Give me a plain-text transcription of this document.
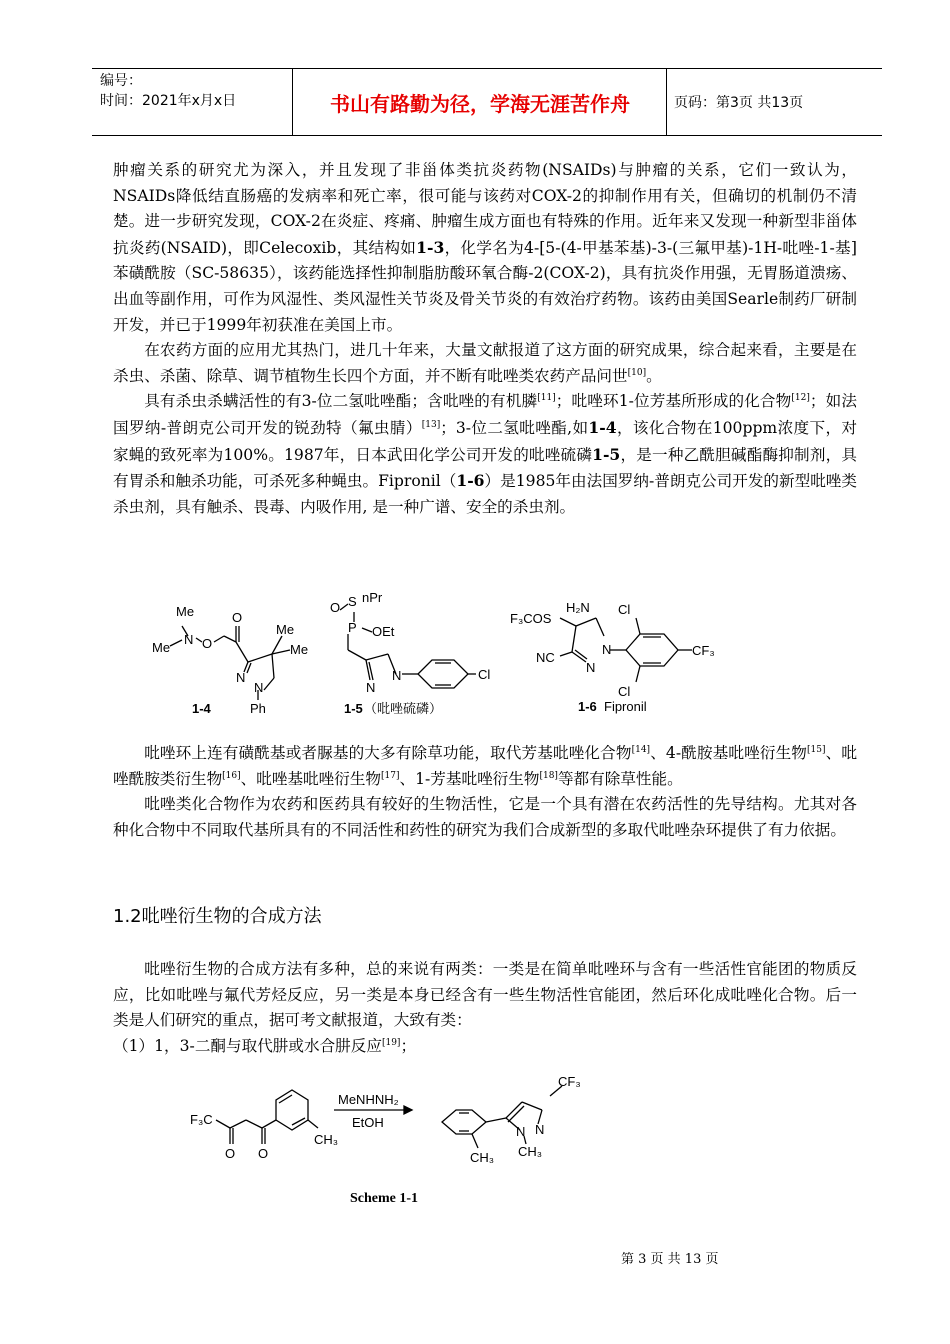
编号：
时间：2021年x月x日	书山有路勤为径，学海无涯苦作舟	页码：第3页 共13页

肿瘤关系的研究尤为深入，并且发现了非甾体类抗炎药物(NSAIDs)与肿瘤的关系，它们一致认为，NSAIDs降低结直肠癌的发病率和死亡率，很可能与该药对COX-2的抑制作用有关，但确切的机制仍不清楚。进一步研究发现，COX-2在炎症、疼痛、肿瘤生成方面也有特殊的作用。近年来又发现一种新型非甾体抗炎药(NSAID)，即Celecoxib，其结构如1-3，化学名为4-[5-(4-甲基苯基)-3-(三氟甲基)-1H-吡唑-1-基]苯磺酰胺（SC-58635），该药能选择性抑制脂肪酸环氧合酶-2(COX-2)，具有抗炎作用强，无胃肠道溃疡、出血等副作用，可作为风湿性、类风湿性关节炎及骨关节炎的有效治疗药物。该药由美国Searle制药厂研制开发，并已于1999年初获准在美国上市。

在农药方面的应用尤其热门，进几十年来，大量文献报道了这方面的研究成果，综合起来看，主要是在杀虫、杀菌、除草、调节植物生长四个方面，并不断有吡唑类农药产品问世[10]。

具有杀虫杀螨活性的有3-位二氢吡唑酯；含吡唑的有机膦[11]；吡唑环1-位芳基所形成的化合物[12]；如法国罗纳-普朗克公司开发的锐劲特（氟虫腈）[13]；3-位二氢吡唑酯,如1-4，该化合物在100ppm浓度下，对家蝇的致死率为100%。1987年，日本武田化学公司开发的吡唑硫磷1-5，是一种乙酰胆碱酯酶抑制剂，具有胃杀和触杀功能，可杀死多种蝇虫。Fipronil（1-6）是1985年由法国罗纳-普朗克公司开发的新型吡唑类杀虫剂，具有触杀、畏毒、内吸作用, 是一种广谱、安全的杀虫剂。

Me
N
Me O
O
Me
Me
N
N
Ph
O S nPr
P OEt
N
N
Cl
H₂N
F₃COS
Cl
N
N
CF₃
NC
Cl
1-4	1-5	1-6
（吡唑硫磷）	Fipronil

吡唑环上连有磺酰基或者脲基的大多有除草功能，取代芳基吡唑化合物[14]、4-酰胺基吡唑衍生物[15]、吡唑酰胺类衍生物[16]、吡唑基吡唑衍生物[17]、1-芳基吡唑衍生物[18]等都有除草性能。

吡唑类化合物作为农药和医药具有较好的生物活性，它是一个具有潜在农药活性的先导结构。尤其对各种化合物中不同取代基所具有的不同活性和药性的研究为我们合成新型的多取代吡唑杂环提供了有力依据。

1.2吡唑衍生物的合成方法

吡唑衍生物的合成方法有多种，总的来说有两类：一类是在简单吡唑环与含有一些活性官能团的物质反应，比如吡唑与氟代芳烃反应，另一类是本身已经含有一些生物活性官能团，然后环化成吡唑化合物。后一类是人们研究的重点，据可考文献报道，大致有类：

（1）1，3-二酮与取代肼或水合肼反应[19]；

F₃C
O O
CH₃
MeNHNH₂
EtOH
CF₃
N
N
CH₃ CH₃
Scheme 1-1
第 3 页 共 13 页
